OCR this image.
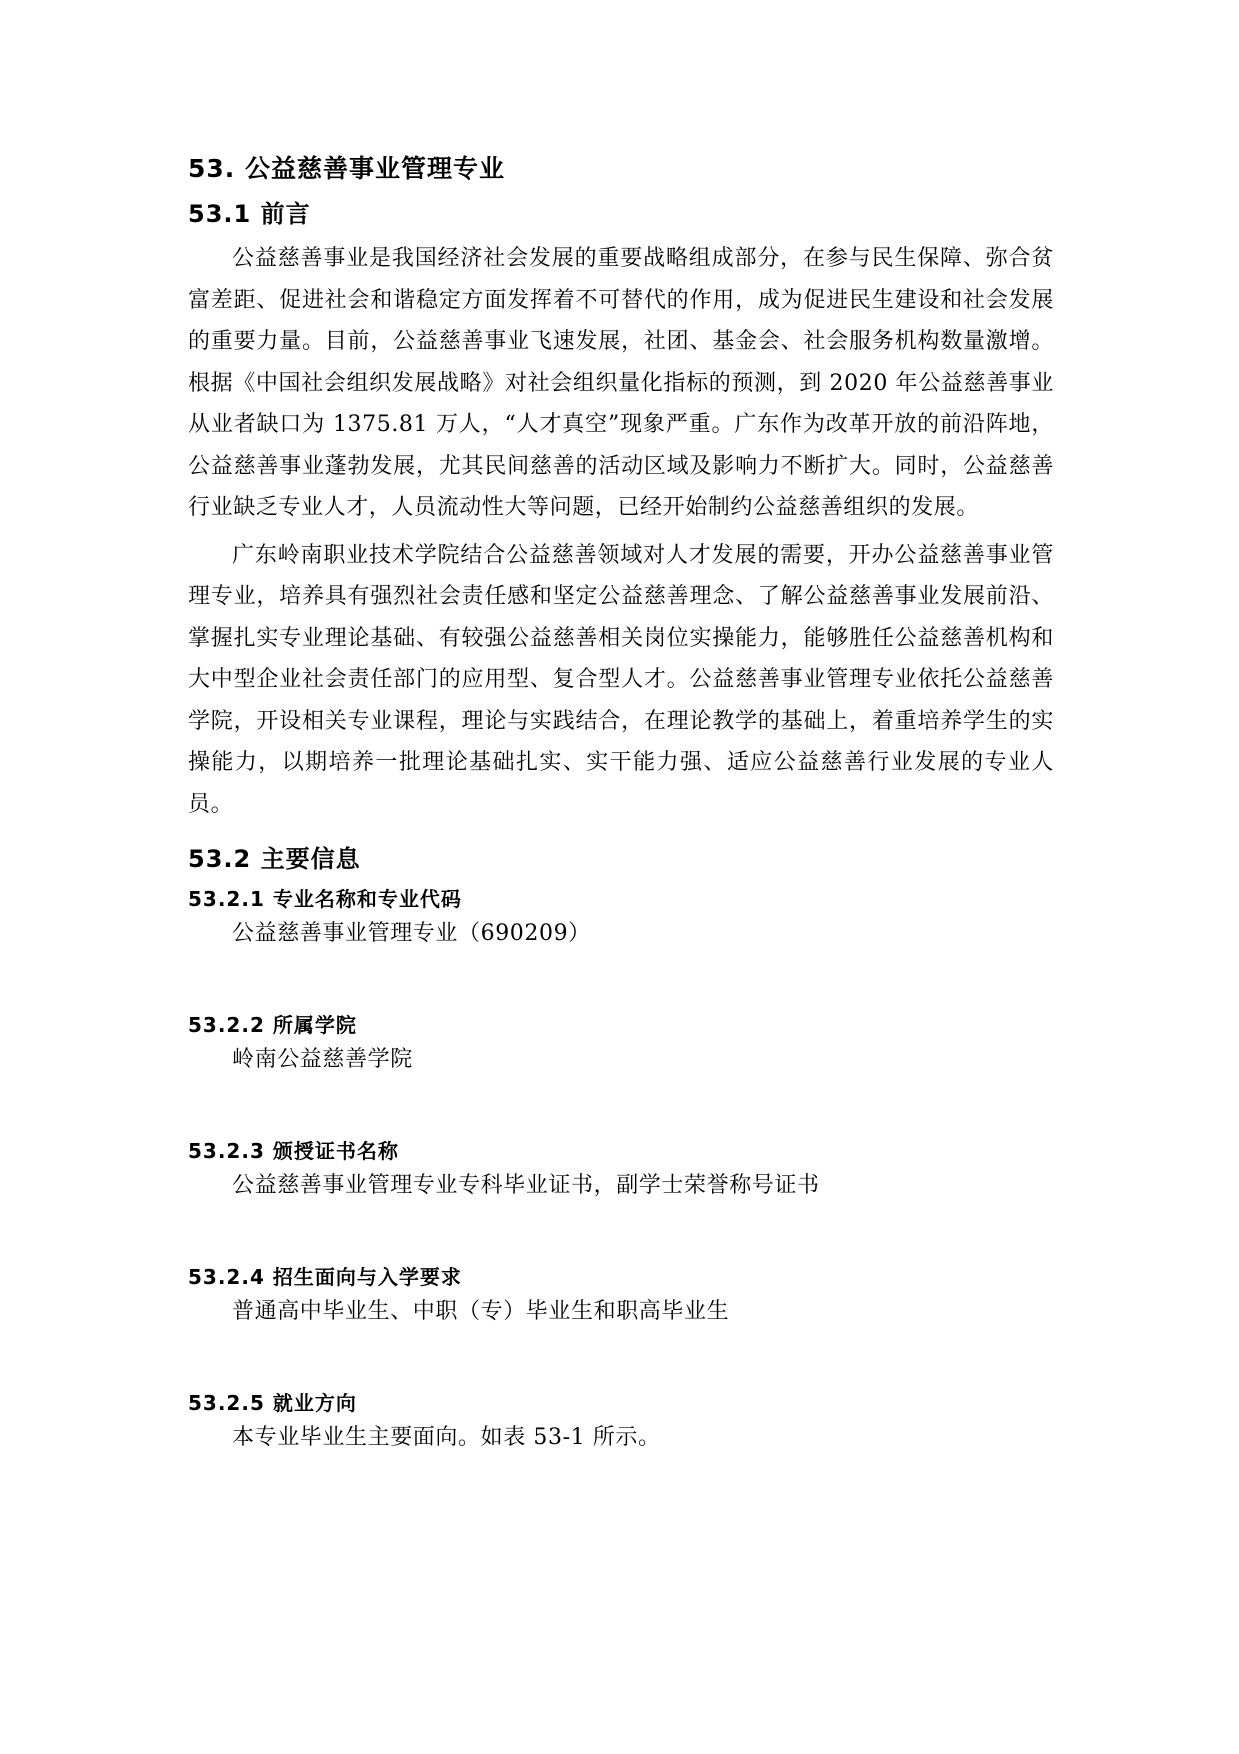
53. 公益慈善事业管理专业
53.1 前言

公益慈善事业是我国经济社会发展的重要战略组成部分，在参与民生保障、弥合贫富差距、促进社会和谐稳定方面发挥着不可替代的作用，成为促进民生建设和社会发展的重要力量。目前，公益慈善事业飞速发展，社团、基金会、社会服务机构数量激增。根据《中国社会组织发展战略》对社会组织量化指标的预测，到 2020 年公益慈善事业从业者缺口为 1375.81 万人，“人才真空”现象严重。广东作为改革开放的前沿阵地，公益慈善事业蓬勃发展，尤其民间慈善的活动区域及影响力不断扩大。同时，公益慈善行业缺乏专业人才，人员流动性大等问题，已经开始制约公益慈善组织的发展。

广东岭南职业技术学院结合公益慈善领域对人才发展的需要，开办公益慈善事业管理专业，培养具有强烈社会责任感和坚定公益慈善理念、了解公益慈善事业发展前沿、掌握扎实专业理论基础、有较强公益慈善相关岗位实操能力，能够胜任公益慈善机构和大中型企业社会责任部门的应用型、复合型人才。公益慈善事业管理专业依托公益慈善学院，开设相关专业课程，理论与实践结合，在理论教学的基础上，着重培养学生的实操能力，以期培养一批理论基础扎实、实干能力强、适应公益慈善行业发展的专业人员。

53.2 主要信息
53.2.1 专业名称和专业代码
公益慈善事业管理专业（690209）
53.2.2 所属学院
岭南公益慈善学院
53.2.3 颁授证书名称
公益慈善事业管理专业专科毕业证书，副学士荣誉称号证书
53.2.4 招生面向与入学要求
普通高中毕业生、中职（专）毕业生和职高毕业生
53.2.5 就业方向
本专业毕业生主要面向。如表 53-1 所示。
